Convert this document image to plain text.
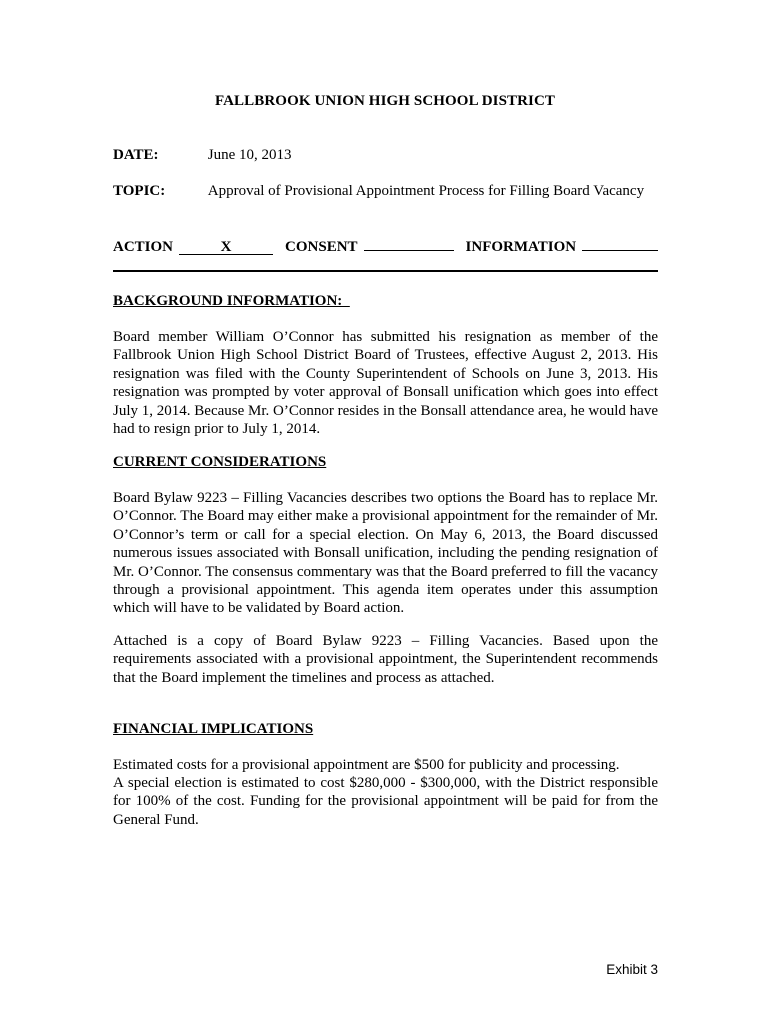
FALLBROOK UNION HIGH SCHOOL DISTRICT
DATE:	June 10, 2013
TOPIC:	Approval of Provisional Appointment Process for Filling Board Vacancy
ACTION	X	CONSENT	INFORMATION
BACKGROUND INFORMATION:

Board member William O’Connor has submitted his resignation as member of the Fallbrook Union High School District Board of Trustees, effective August 2, 2013. His resignation was filed with the County Superintendent of Schools on June 3, 2013. His resignation was prompted by voter approval of Bonsall unification which goes into effect July 1, 2014. Because Mr. O’Connor resides in the Bonsall attendance area, he would have had to resign prior to July 1, 2014.

CURRENT CONSIDERATIONS

Board Bylaw 9223 – Filling Vacancies describes two options the Board has to replace Mr. O’Connor. The Board may either make a provisional appointment for the remainder of Mr. O’Connor’s term or call for a special election. On May 6, 2013, the Board discussed numerous issues associated with Bonsall unification, including the pending resignation of Mr. O’Connor. The consensus commentary was that the Board preferred to fill the vacancy through a provisional appointment. This agenda item operates under this assumption which will have to be validated by Board action.

Attached is a copy of Board Bylaw 9223 – Filling Vacancies. Based upon the requirements associated with a provisional appointment, the Superintendent recommends that the Board implement the timelines and process as attached.

FINANCIAL IMPLICATIONS

Estimated costs for a provisional appointment are $500 for publicity and processing.

A special election is estimated to cost $280,000 - $300,000, with the District responsible for 100% of the cost. Funding for the provisional appointment will be paid for from the General Fund.

Exhibit 3
